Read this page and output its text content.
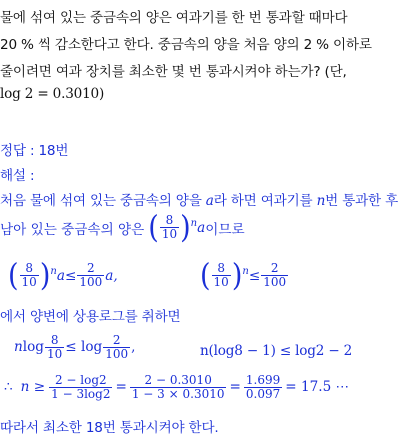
물에 섞여 있는 중금속의 양은 여과기를 한 번 통과할 때마다
20 % 씩 감소한다고 한다. 중금속의 양을 처음 양의 2 % 이하로
줄이려면 여과 장치를 최소한 몇 번 통과시켜야 하는가? (단,
log 2 = 0.3010)
정답 : 18번
해설 :
처음 물에 섞여 있는 중금속의 양을 a라 하면 여과기를 n번 통과한 후
남아 있는 중금속의 양은 ( $\frac{8}{10}$ ) n a 이므로
( $\frac{8}{10}$ ) n $a \le \frac{2}{100} a$,	( $\frac{8}{10}$ ) $n \le \frac{2}{100}$
에서 양변에 상용로그를 취하면
n $\log \frac{8}{10} \le \log \frac{2}{100}$ ,	n(log8 − 1) ≤ log2 − 2
∴ $n \ge \frac{2 - \log 2}{1 - 3\log 2} = \frac{2 - 0.3010}{1 - 3 \times 0.3010} = \frac{1.699}{0.097} = 17.5$ ⋯
따라서 최소한 18번 통과시켜야 한다.
